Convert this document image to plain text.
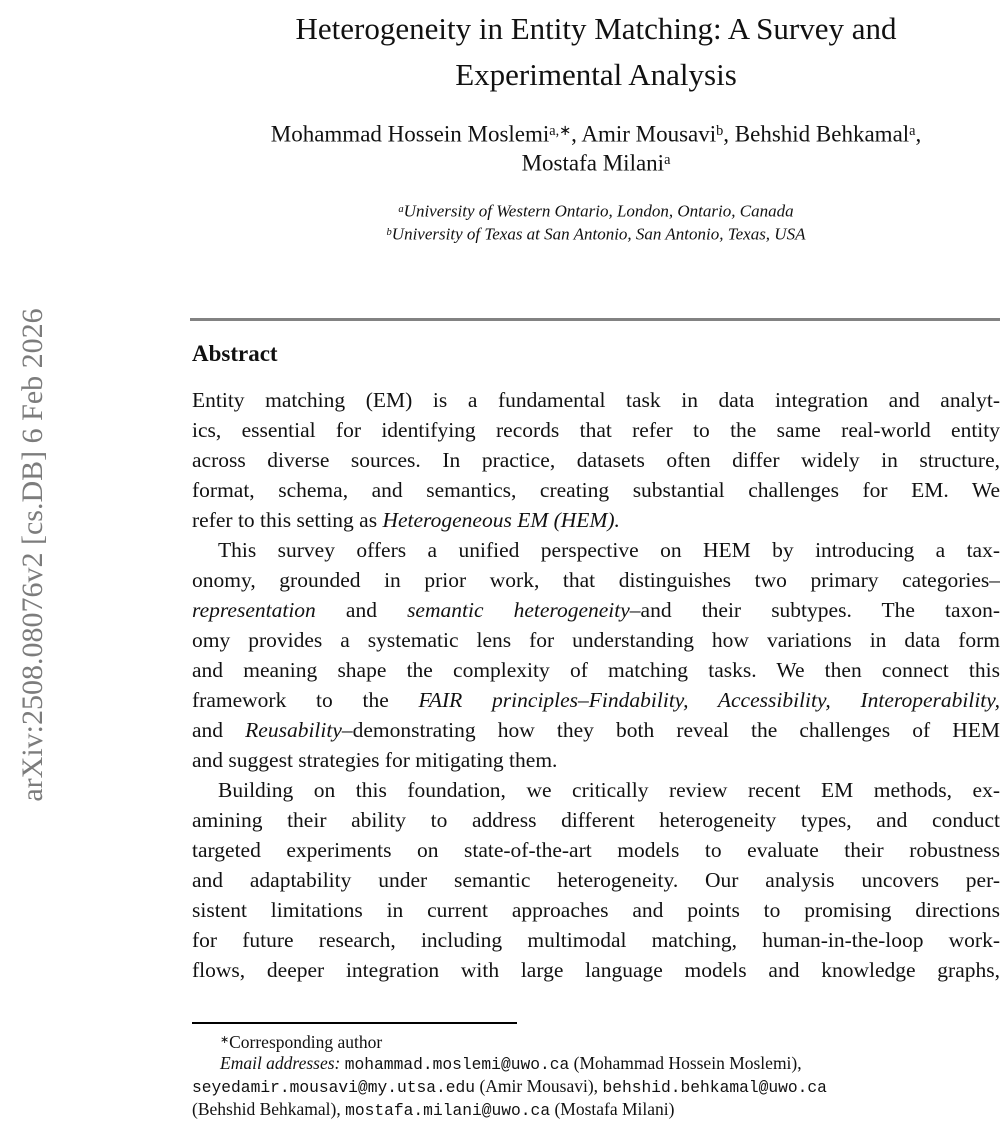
arXiv:2508.08076v2 [cs.DB] 6 Feb 2026
Heterogeneity in Entity Matching: A Survey and
Experimental Analysis
Mohammad Hossein Moslemi$^{a,∗}$, Amir Mousavi$^b$, Behshid Behkamal$^a$,
Mostafa Milani$^a$
$^a$University of Western Ontario, London, Ontario, Canada
$^b$University of Texas at San Antonio, San Antonio, Texas, USA
Abstract
Entity matching (EM) is a fundamental task in data integration and analyt-
ics, essential for identifying records that refer to the same real-world entity
across diverse sources. In practice, datasets often differ widely in structure,
format, schema, and semantics, creating substantial challenges for EM. We
refer to this setting as Heterogeneous EM (HEM).
This survey offers a unified perspective on HEM by introducing a tax-
onomy, grounded in prior work, that distinguishes two primary categories–
representation and semantic heterogeneity–and their subtypes. The taxon-
omy provides a systematic lens for understanding how variations in data form
and meaning shape the complexity of matching tasks. We then connect this
framework to the FAIR principles–Findability, Accessibility, Interoperability,
and Reusability–demonstrating how they both reveal the challenges of HEM
and suggest strategies for mitigating them.
Building on this foundation, we critically review recent EM methods, ex-
amining their ability to address different heterogeneity types, and conduct
targeted experiments on state-of-the-art models to evaluate their robustness
and adaptability under semantic heterogeneity. Our analysis uncovers per-
sistent limitations in current approaches and points to promising directions
for future research, including multimodal matching, human-in-the-loop work-
flows, deeper integration with large language models and knowledge graphs,
∗Corresponding author
Email addresses: mohammad.moslemi@uwo.ca (Mohammad Hossein Moslemi),
seyedamir.mousavi@my.utsa.edu (Amir Mousavi), behshid.behkamal@uwo.ca
(Behshid Behkamal), mostafa.milani@uwo.ca (Mostafa Milani)
